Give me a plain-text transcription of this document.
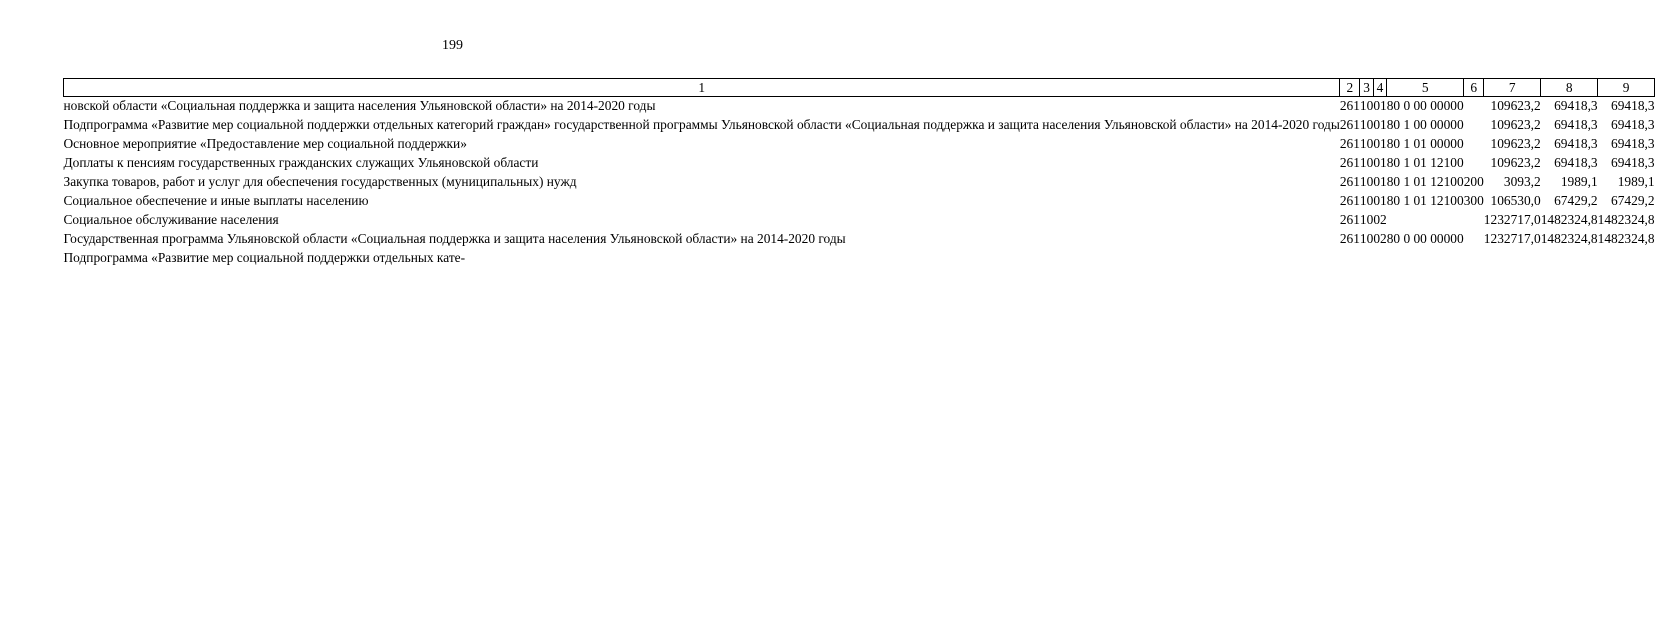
199
1	2	3	4	5	6	7	8	9
новской области «Социальная поддержка и защита населения Ульяновской области» на 2014-2020 годы	261	10	01	80 0 00 00000		109623,2	69418,3	69418,3
Подпрограмма «Развитие мер социальной поддержки отдельных категорий граждан» государственной программы Ульяновской области «Социальная поддержка и защита населения Ульяновской области» на 2014-2020 годы	261	10	01	80 1 00 00000		109623,2	69418,3	69418,3
Основное мероприятие «Предоставление мер социальной поддержки»	261	10	01	80 1 01 00000		109623,2	69418,3	69418,3
Доплаты к пенсиям государственных гражданских служащих Ульяновской области	261	10	01	80 1 01 12100		109623,2	69418,3	69418,3
Закупка товаров, работ и услуг для обеспечения государственных (муниципальных) нужд	261	10	01	80 1 01 12100	200	3093,2	1989,1	1989,1
Социальное обеспечение и иные выплаты населению	261	10	01	80 1 01 12100	300	106530,0	67429,2	67429,2
Социальное обслуживание населения	261	10	02			1232717,0	1482324,8	1482324,8
Государственная программа Ульяновской области «Социальная поддержка и защита населения Ульяновской области» на 2014-2020 годы	261	10	02	80 0 00 00000		1232717,0	1482324,8	1482324,8
Подпрограмма «Развитие мер социальной поддержки отдельных кате-								
